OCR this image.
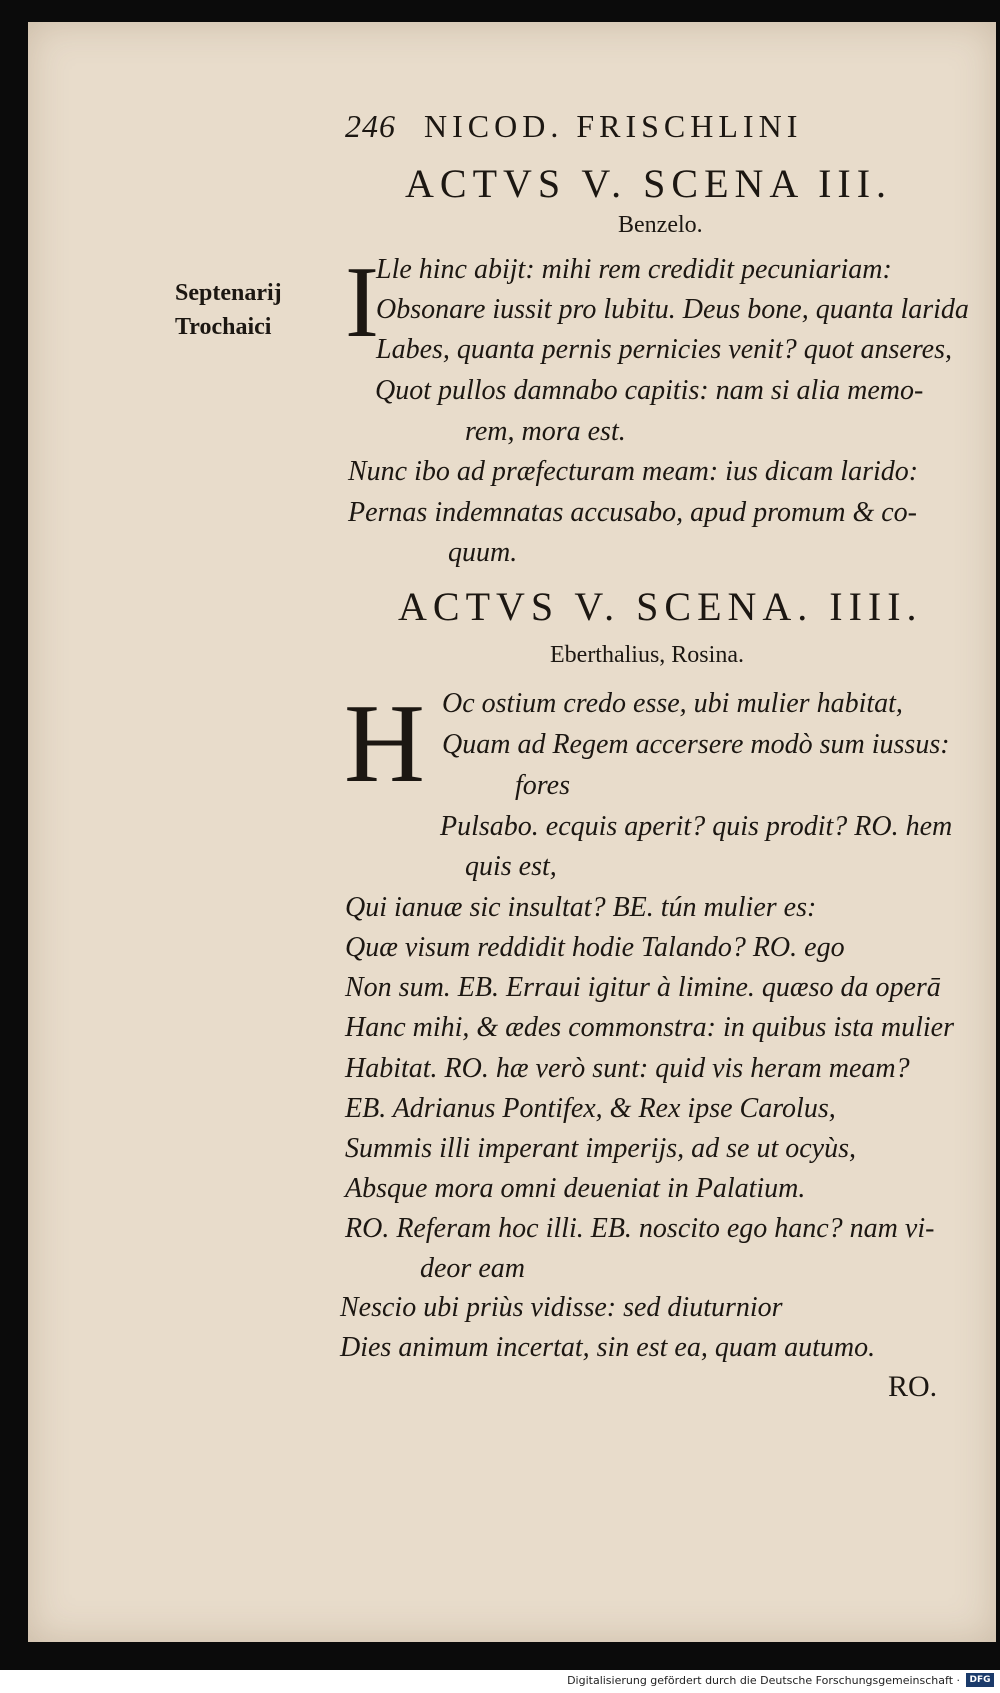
246 NICOD. FRISCHLINI
ACTVS V. SCENA III.
Benzelo.
Septenarij
Trochaici I
Lle hinc abijt: mihi rem credidit pecuniariam:
Obsonare iussit pro lubitu. Deus bone, quanta larida
Labes, quanta pernis pernicies venit? quot anseres,
Quot pullos damnabo capitis: nam si alia memo-
rem, mora est.
Nunc ibo ad præfecturam meam: ius dicam larido:
Pernas indemnatas accusabo, apud promum & co-
quum.
ACTVS V. SCENA. IIII.
Eberthalius, Rosina.
H Oc ostium credo esse, ubi mulier habitat,
Quam ad Regem accersere modò sum iussus:
fores
Pulsabo. ecquis aperit? quis prodit? RO. hem
quis est,
Qui ianuæ sic insultat? BE. tún mulier es:
Quæ visum reddidit hodie Talando? RO. ego
Non sum. EB. Erraui igitur à limine. quæso da operā
Hanc mihi, & ædes commonstra: in quibus ista mulier
Habitat. RO. hæ verò sunt: quid vis heram meam?
EB. Adrianus Pontifex, & Rex ipse Carolus,
Summis illi imperant imperijs, ad se ut ocyùs,
Absque mora omni deueniat in Palatium.
RO. Referam hoc illi. EB. noscito ego hanc? nam vi-
deor eam
Nescio ubi priùs vidisse: sed diuturnior
Dies animum incertat, sin est ea, quam autumo.
RO.
Digitalisierung gefördert durch die Deutsche Forschungsgemeinschaft ·	DFG
